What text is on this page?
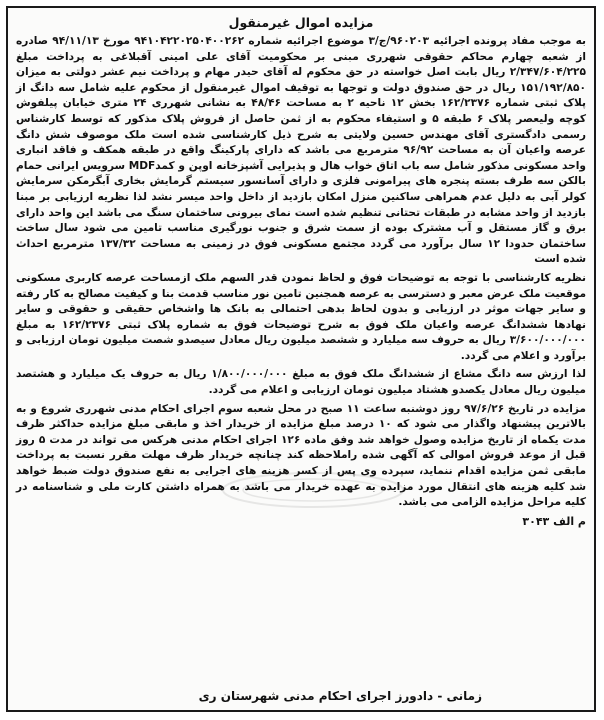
مزایده اموال غیرمنقول

به موجب مفاد پرونده اجرائیه ۹۶۰۲۰۳/ج/۳ موضوع اجرائیه شماره ۹۴۱۰۴۲۲۰۲۵۰۴۰۰۲۶۲ مورخ ۹۴/۱۱/۱۳ صادره از شعبه چهارم محاکم حقوقی شهرری مبنی بر محکومیت آقای علی امینی آقبلاغی به پرداخت مبلغ ۲/۳۴۷/۶۰۴/۲۲۵ ریال بابت اصل خواسته در حق محکوم له آقای حیدر مهام و پرداخت نیم عشر دولتی به میزان ۱۵۱/۱۹۲/۸۵۰ ریال در حق صندوق دولت و توجها به توقیف اموال غیرمنقول از محکوم علیه شامل سه دانگ از پلاک ثبتی شماره ۱۶۲/۲۳۷۶ بخش ۱۲ ناحیه ۲ به مساحت ۴۸/۴۶ به نشانی شهرری ۲۴ متری خیابان پیلفوش کوچه ولیعصر پلاک ۶ طبقه ۵ و استیفاء محکوم به از ثمن حاصل از فروش پلاک مذکور که توسط کارشناس رسمی دادگستری آقای مهندس حسین ولایتی به شرح ذیل کارشناسی شده است ملک موصوف شش دانگ عرصه واعیان آن به مساحت ۹۶/۹۲ مترمربع می باشد که دارای پارکینگ واقع در طبقه همکف و فاقد انباری واحد مسکونی مذکور شامل سه باب اتاق خواب هال و پذیرایی آشپزخانه اوپن و کمدMDF سرویس ایرانی حمام بالکن سه طرف بسته پنجره های پیرامونی فلزی و دارای آسانسور سیستم گرمایش بخاری آبگرمکن سرمایش کولر آبی به دلیل عدم همراهی ساکنین منزل امکان بازدید از داخل واحد میسر نشد لذا نظریه ارزیابی بر مبنا بازدید از واحد مشابه در طبقات تحتانی تنظیم شده است نمای بیرونی ساختمان سنگ می باشد این واحد دارای برق و گاز مستقل و آب مشترک بوده از سمت شرق و جنوب نورگیری مناسب تامین می شود سال ساخت ساختمان حدودا ۱۲ سال برآورد می گردد مجتمع مسکونی فوق در زمینی به مساحت ۱۳۷/۳۲ مترمربع احداث شده است

نظریه کارشناسی با توجه به توضیحات فوق و لحاظ نمودن قدر السهم ملک ازمساحت عرصه کاربری مسکونی موقعیت ملک عرض معبر و دسترسی به عرصه همجنین تامین نور مناسب قدمت بنا و کیفیت مصالح به کار رفته و سایر جهات موثر در ارزیابی و بدون لحاظ بدهی احتمالی به بانک ها واشخاص حقیقی و حقوقی و سایر نهادها ششدانگ عرصه واعیان ملک فوق به شرح توضیحات فوق به شماره پلاک ثبتی ۱۶۲/۲۳۷۶ به مبلغ ۳/۶۰۰/۰۰۰/۰۰۰ ریال به حروف سه میلیارد و ششصد میلیون ریال معادل سیصدو شصت میلیون تومان ارزیابی و برآورد و اعلام می گردد.

لذا ارزش سه دانگ مشاع از ششدانگ ملک فوق به مبلغ ۱/۸۰۰/۰۰۰/۰۰۰ ریال به حروف یک میلیارد و هشتصد میلیون ریال معادل یکصدو هشتاد میلیون تومان ارزیابی و اعلام می گردد.

مزایده در تاریخ ۹۷/۶/۲۶ روز دوشنبه ساعت ۱۱ صبح در محل شعبه سوم اجرای احکام مدنی شهرری شروع و به بالاترین پیشنهاد واگذار می شود که ۱۰ درصد مبلغ مزایده از خریدار اخذ و مابقی مبلغ مزایده حداکثر ظرف مدت یکماه از تاریخ مزایده وصول خواهد شد وفق ماده ۱۲۶ اجرای احکام مدنی هرکس می تواند در مدت ۵ روز قبل از موعد فروش اموالی که آگهی شده راملاحظه کند چنانچه خریدار ظرف مهلت مقرر نسبت به پرداخت مابقی ثمن مزایده اقدام ننماید، سپرده وی پس از کسر هزینه های اجرایی به نفع صندوق دولت ضبط خواهد شد کلیه هزینه های انتقال مورد مزایده به عهده خریدار می باشد به همراه داشتن کارت ملی و شناسنامه در کلیه مراحل مزایده الزامی می باشد.

م الف ۳۰۴۳

زمانی - دادورز اجرای احکام مدنی شهرستان ری
